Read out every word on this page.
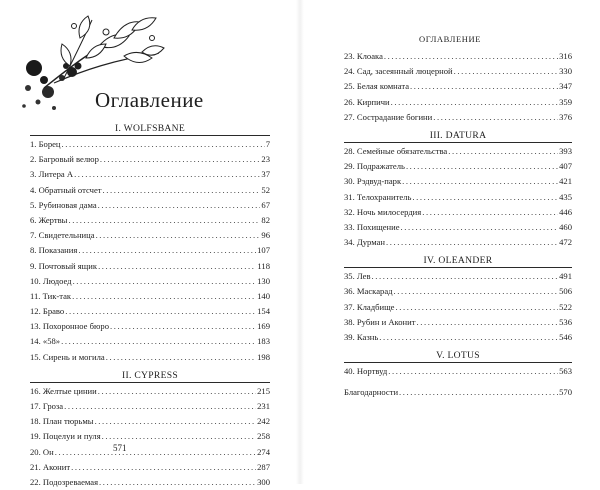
Оглавление
I. WOLFSBANE
1. Борец .....	7
2. Багровый велюр .....	23
3. Литера А .....	37
4. Обратный отсчет .....	52
5. Рубиновая дама .....	67
6. Жертвы .....	82
7. Свидетельница .....	96
8. Показания .....	107
9. Почтовый ящик .....	118
10. Людоед .....	130
11. Тик-так .....	140
12. Браво .....	154
13. Похоронное бюро .....	169
14. «58» .....	183
15. Сирень и могила .....	198
II. CYPRESS
16. Желтые цинии .....	215
17. Гроза .....	231
18. План тюрьмы .....	242
19. Поцелуи и пуля .....	258
20. Он .....	274
21. Аконит .....	287
22. Подозреваемая .....	300
571
ОГЛАВЛЕНИЕ
23. Клоака .....	316
24. Сад, засеянный люцерной .....	330
25. Белая комната .....	347
26. Кирпичи .....	359
27. Сострадание богини .....	376
III. DATURA
28. Семейные обязательства .....	393
29. Подражатель .....	407
30. Рэдвуд-парк .....	421
31. Телохранитель .....	435
32. Ночь милосердия .....	446
33. Похищение .....	460
34. Дурман .....	472
IV. OLEANDER
35. Лев .....	491
36. Маскарад .....	506
37. Кладбище .....	522
38. Рубин и Аконит .....	536
39. Казнь .....	546
V. LOTUS
40. Нортвуд .....	563
Благодарности .....	570
